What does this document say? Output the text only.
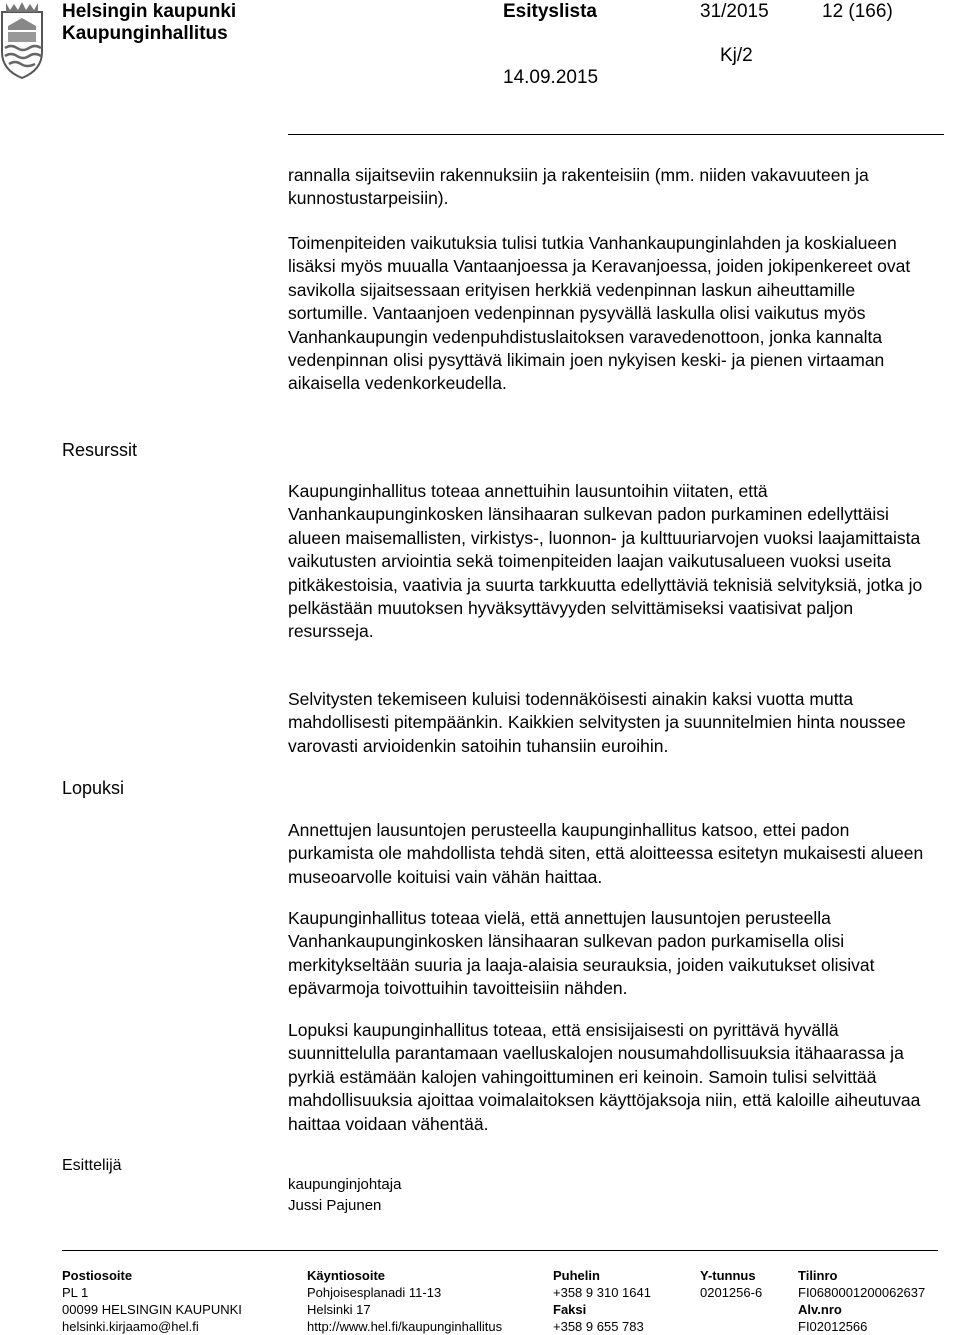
Helsingin kaupunki
Kaupunginhallitus
Esityslista	31/2015	12 (166)
Kj/2
14.09.2015
Resurssit
Lopuksi
Esittelijä

rannalla sijaitseviin rakennuksiin ja rakenteisiin (mm. niiden vakavuuteen ja kunnostustarpeisiin).

Toimenpiteiden vaikutuksia tulisi tutkia Vanhankaupunginlahden ja koskialueen lisäksi myös muualla Vantaanjoessa ja Keravanjoessa, joiden jokipenkereet ovat savikolla sijaitsessaan erityisen herkkiä vedenpinnan laskun aiheuttamille sortumille. Vantaanjoen vedenpinnan pysyvällä laskulla olisi vaikutus myös Vanhankaupungin vedenpuhdistuslaitoksen varavedenottoon, jonka kannalta vedenpinnan olisi pysyttävä likimain joen nykyisen keski- ja pienen virtaaman aikaisella vedenkorkeudella.

Kaupunginhallitus toteaa annettuihin lausuntoihin viitaten, että Vanhankaupunginkosken länsihaaran sulkevan padon purkaminen edellyttäisi alueen maisemallisten, virkistys-, luonnon- ja kulttuuriarvojen vuoksi laajamittaista vaikutusten arviointia sekä toimenpiteiden laajan vaikutusalueen vuoksi useita pitkäkestoisia, vaativia ja suurta tarkkuutta edellyttäviä teknisiä selvityksiä, jotka jo pelkästään muutoksen hyväksyttävyyden selvittämiseksi vaatisivat paljon resursseja.

Selvitysten tekemiseen kuluisi todennäköisesti ainakin kaksi vuotta mutta mahdollisesti pitempäänkin. Kaikkien selvitysten ja suunnitelmien hinta noussee varovasti arvioidenkin satoihin tuhansiin euroihin.

Annettujen lausuntojen perusteella kaupunginhallitus katsoo, ettei padon purkamista ole mahdollista tehdä siten, että aloitteessa esitetyn mukaisesti alueen museoarvolle koituisi vain vähän haittaa.

Kaupunginhallitus toteaa vielä, että annettujen lausuntojen perusteella Vanhankaupunginkosken länsihaaran sulkevan padon purkamisella olisi merkitykseltään suuria ja laaja-alaisia seurauksia, joiden vaikutukset olisivat epävarmoja toivottuihin tavoitteisiin nähden.

Lopuksi kaupunginhallitus toteaa, että ensisijaisesti on pyrittävä hyvällä suunnittelulla parantamaan vaelluskalojen nousumahdollisuuksia itähaarassa ja pyrkiä estämään kalojen vahingoittuminen eri keinoin. Samoin tulisi selvittää mahdollisuuksia ajoittaa voimalaitoksen käyttöjaksoja niin, että kaloille aiheutuvaa haittaa voidaan vähentää.

kaupunginjohtaja
Jussi Pajunen
Postiosoite
PL 1
00099 HELSINGIN KAUPUNKI
helsinki.kirjaamo@hel.fi
Käyntiosoite
Pohjoisesplanadi 11-13
Helsinki 17
http://www.hel.fi/kaupunginhallitus
Puhelin
+358 9 310 1641
Faksi
+358 9 655 783
Y-tunnus
0201256-6
Tilinro
FI0680001200062637
Alv.nro
FI02012566
